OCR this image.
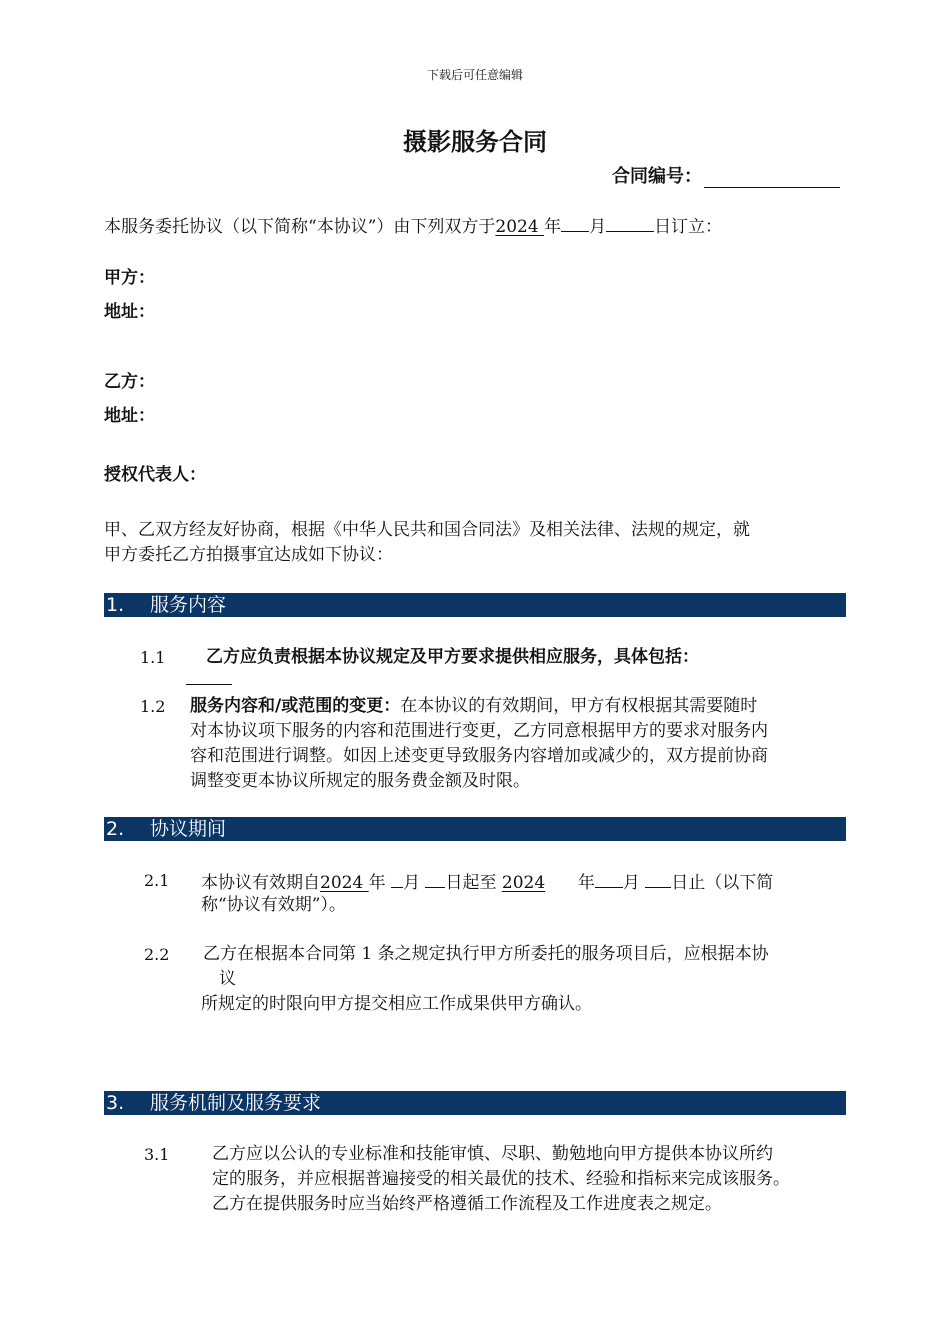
下载后可任意编辑
摄影服务合同
合同编号：
本服务委托协议（以下简称“本协议”）由下列双方于2024 年 月	日订立：
甲方：
地址：
乙方：
地址：
授权代表人：
甲、乙双方经友好协商，根据《中华人民共和国合同法》及相关法律、法规的规定，就
甲方委托乙方拍摄事宜达成如下协议：
1. 服务内容
1.1 乙方应负责根据本协议规定及甲方要求提供相应服务，具体包括：
1.2 服务内容和/或范围的变更：在本协议的有效期间，甲方有权根据其需要随时
对本协议项下服务的内容和范围进行变更，乙方同意根据甲方的要求对服务内
容和范围进行调整。如因上述变更导致服务内容增加或减少的，双方提前协商
调整变更本协议所规定的服务费金额及时限。
2. 协议期间
2.1 本协议有效期自2024 年 月 日起至 2024 年 月 日止（以下简
称“协议有效期”）。
2.2 乙方在根据本合同第 1 条之规定执行甲方所委托的服务项目后，应根据本协
议
所规定的时限向甲方提交相应工作成果供甲方确认。
3. 服务机制及服务要求
3.1	乙方应以公认的专业标准和技能审慎、尽职、勤勉地向甲方提供本协议所约
定的服务，并应根据普遍接受的相关最优的技术、经验和指标来完成该服务。
乙方在提供服务时应当始终严格遵循工作流程及工作进度表之规定。
